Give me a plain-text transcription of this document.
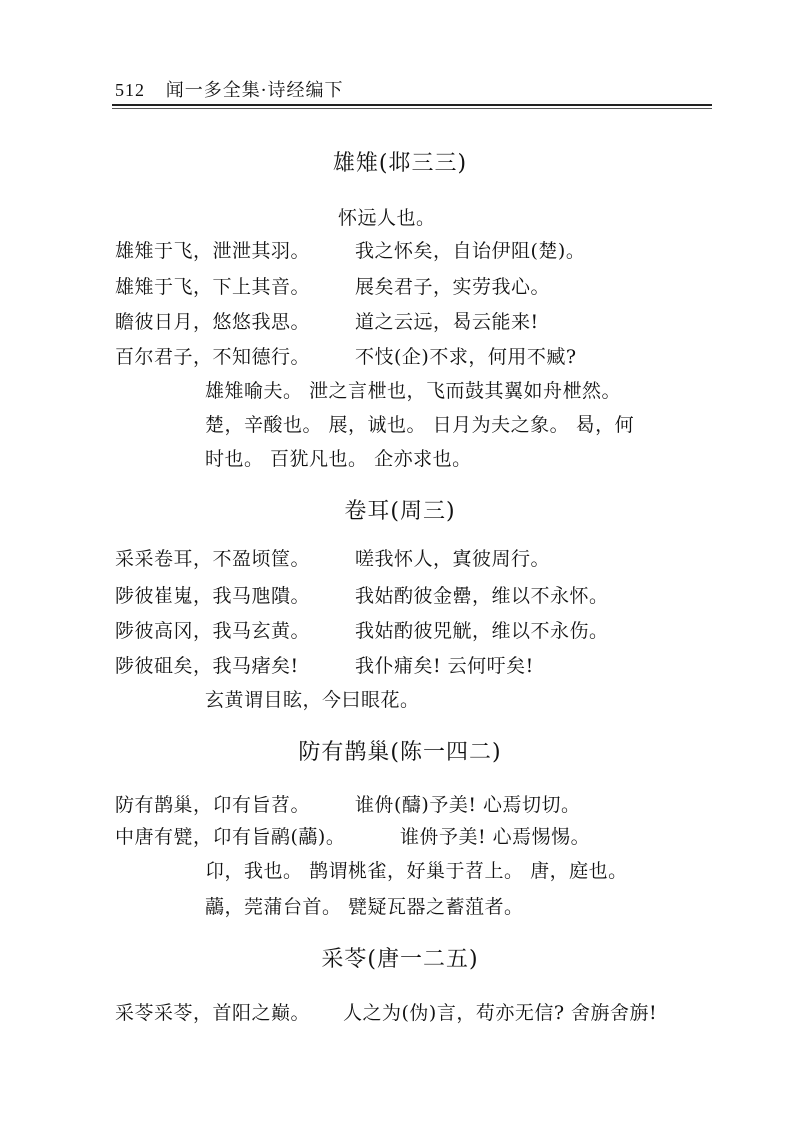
512 闻一多全集·诗经编下
雄雉(邶三三)
怀远人也。
雄雉于飞，泄泄其羽。 我之怀矣，自诒伊阻(楚)。
雄雉于飞，下上其音。 展矣君子，实劳我心。
瞻彼日月，悠悠我思。 道之云远，曷云能来!
百尔君子，不知德行。 不忮(企)不求，何用不臧?
雄雉喻夫。 泄之言枻也，飞而鼓其翼如舟枻然。
楚，辛酸也。 展，诚也。 日月为夫之象。 曷，何
时也。 百犹凡也。 企亦求也。
卷耳(周三)
采采卷耳，不盈顷筐。 嗟我怀人，寘彼周行。
陟彼崔嵬，我马虺隤。 我姑酌彼金罍，维以不永怀。
陟彼高冈，我马玄黄。 我姑酌彼兕觥，维以不永伤。
陟彼砠矣，我马瘏矣!	我仆痡矣! 云何吁矣!
玄黄谓目眩，今曰眼花。
防有鹊巢(陈一四二)
防有鹊巢，卬有旨苕。 谁侜(醻)予美! 心焉切切。
中唐有甓，卬有旨鹝(虉)。	谁侜予美! 心焉惕惕。
卬，我也。 鹊谓桃雀，好巢于苕上。 唐，庭也。
虉，莞蒲台首。 甓疑瓦器之蓄菹者。
采苓(唐一二五)
采苓采苓，首阳之巅。 人之为(伪)言，苟亦无信? 舍旃舍旃!
